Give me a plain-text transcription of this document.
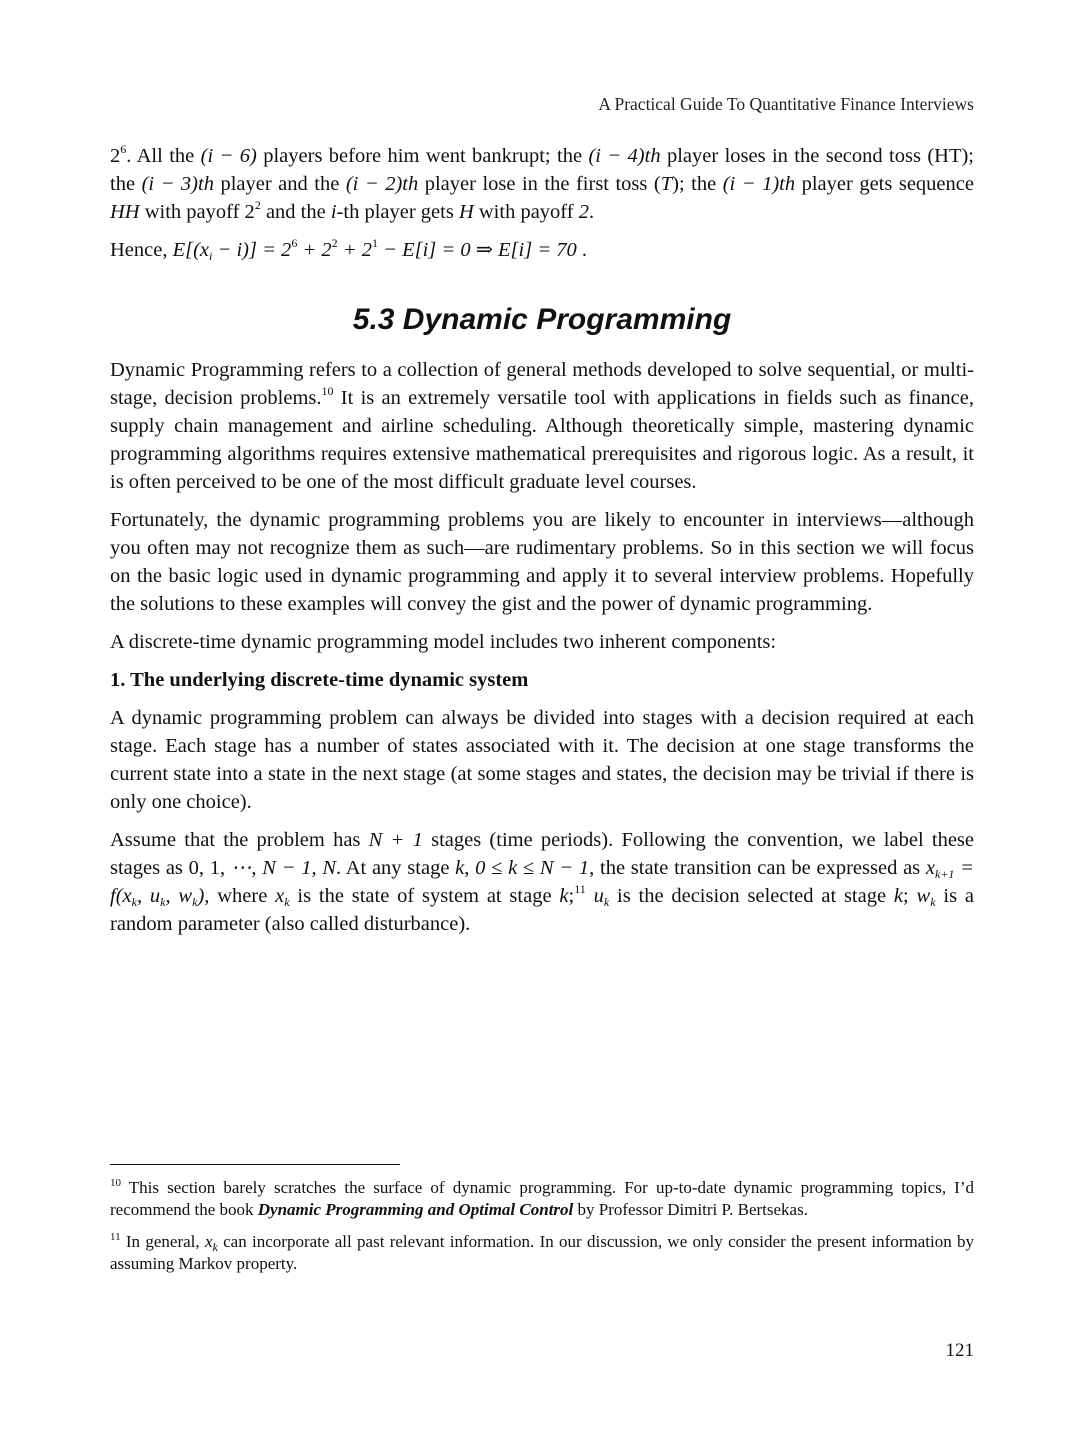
A Practical Guide To Quantitative Finance Interviews

$2^6$. All the (i − 6) players before him went bankrupt; the (i − 4)th player loses in the second toss (HT); the (i − 3)th player and the (i − 2)th player lose in the first toss (T); the (i − 1)th player gets sequence HH with payoff $2^2$ and the i-th player gets H with payoff 2.

Hence, $E[(x_i - i)] = 2^6 + 2^2 + 2^1 - E[i] = 0$ ⇒ E[i] = 70 .

5.3 Dynamic Programming

Dynamic Programming refers to a collection of general methods developed to solve sequential, or multi-stage, decision problems.$^{10}$ It is an extremely versatile tool with applications in fields such as finance, supply chain management and airline scheduling. Although theoretically simple, mastering dynamic programming algorithms requires extensive mathematical prerequisites and rigorous logic. As a result, it is often perceived to be one of the most difficult graduate level courses.

Fortunately, the dynamic programming problems you are likely to encounter in interviews—although you often may not recognize them as such—are rudimentary problems. So in this section we will focus on the basic logic used in dynamic programming and apply it to several interview problems. Hopefully the solutions to these examples will convey the gist and the power of dynamic programming.

A discrete-time dynamic programming model includes two inherent components:

1. The underlying discrete-time dynamic system

A dynamic programming problem can always be divided into stages with a decision required at each stage. Each stage has a number of states associated with it. The decision at one stage transforms the current state into a state in the next stage (at some stages and states, the decision may be trivial if there is only one choice).

Assume that the problem has N + 1 stages (time periods). Following the convention, we label these stages as 0, 1, ⋯, N − 1, N. At any stage k, 0 ≤ k ≤ N − 1, the state transition can be expressed as $x_{k+1} = f(x_k$, $u_k$, $w_k$), where $x_k$ is the state of system at stage k;$^{11}$ $u_k$ is the decision selected at stage k; $w_k$ is a random parameter (also called disturbance).

$^{10}$ This section barely scratches the surface of dynamic programming. For up-to-date dynamic programming topics, I’d recommend the book Dynamic Programming and Optimal Control by Professor Dimitri P. Bertsekas.

$^{11}$ In general, $x_k$ can incorporate all past relevant information. In our discussion, we only consider the present information by assuming Markov property.

121
